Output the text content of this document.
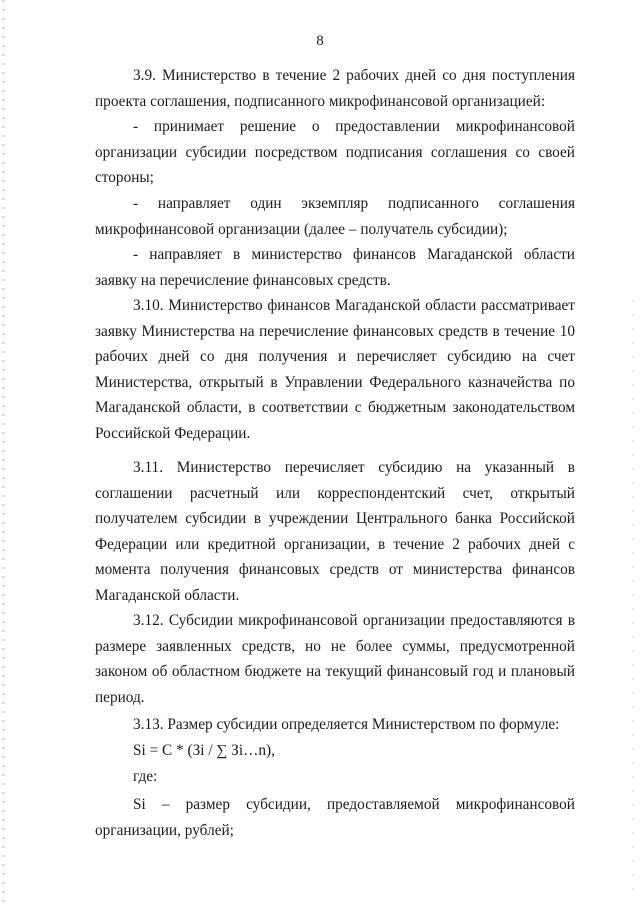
8

3.9. Министерство в течение 2 рабочих дней со дня поступления проекта соглашения, подписанного микрофинансовой организацией:

- принимает решение о предоставлении микрофинансовой организации субсидии посредством подписания соглашения со своей стороны;

- направляет один экземпляр подписанного соглашения микрофинансовой организации (далее – получатель субсидии);

- направляет в министерство финансов Магаданской области заявку на перечисление финансовых средств.

3.10. Министерство финансов Магаданской области рассматривает заявку Министерства на перечисление финансовых средств в течение 10 рабочих дней со дня получения и перечисляет субсидию на счет Министерства, открытый в Управлении Федерального казначейства по Магаданской области, в соответствии с бюджетным законодательством Российской Федерации.

3.11. Министерство перечисляет субсидию на указанный в соглашении расчетный или корреспондентский счет, открытый получателем субсидии в учреждении Центрального банка Российской Федерации или кредитной организации, в течение 2 рабочих дней с момента получения финансовых средств от министерства финансов Магаданской области.

3.12. Субсидии микрофинансовой организации предоставляются в размере заявленных средств, но не более суммы, предусмотренной законом об областном бюджете на текущий финансовый год и плановый период.

3.13. Размер субсидии определяется Министерством по формуле:

Si = C * (Зi / ∑ Зi…n),

где:

Si – размер субсидии, предоставляемой микрофинансовой организации, рублей;
